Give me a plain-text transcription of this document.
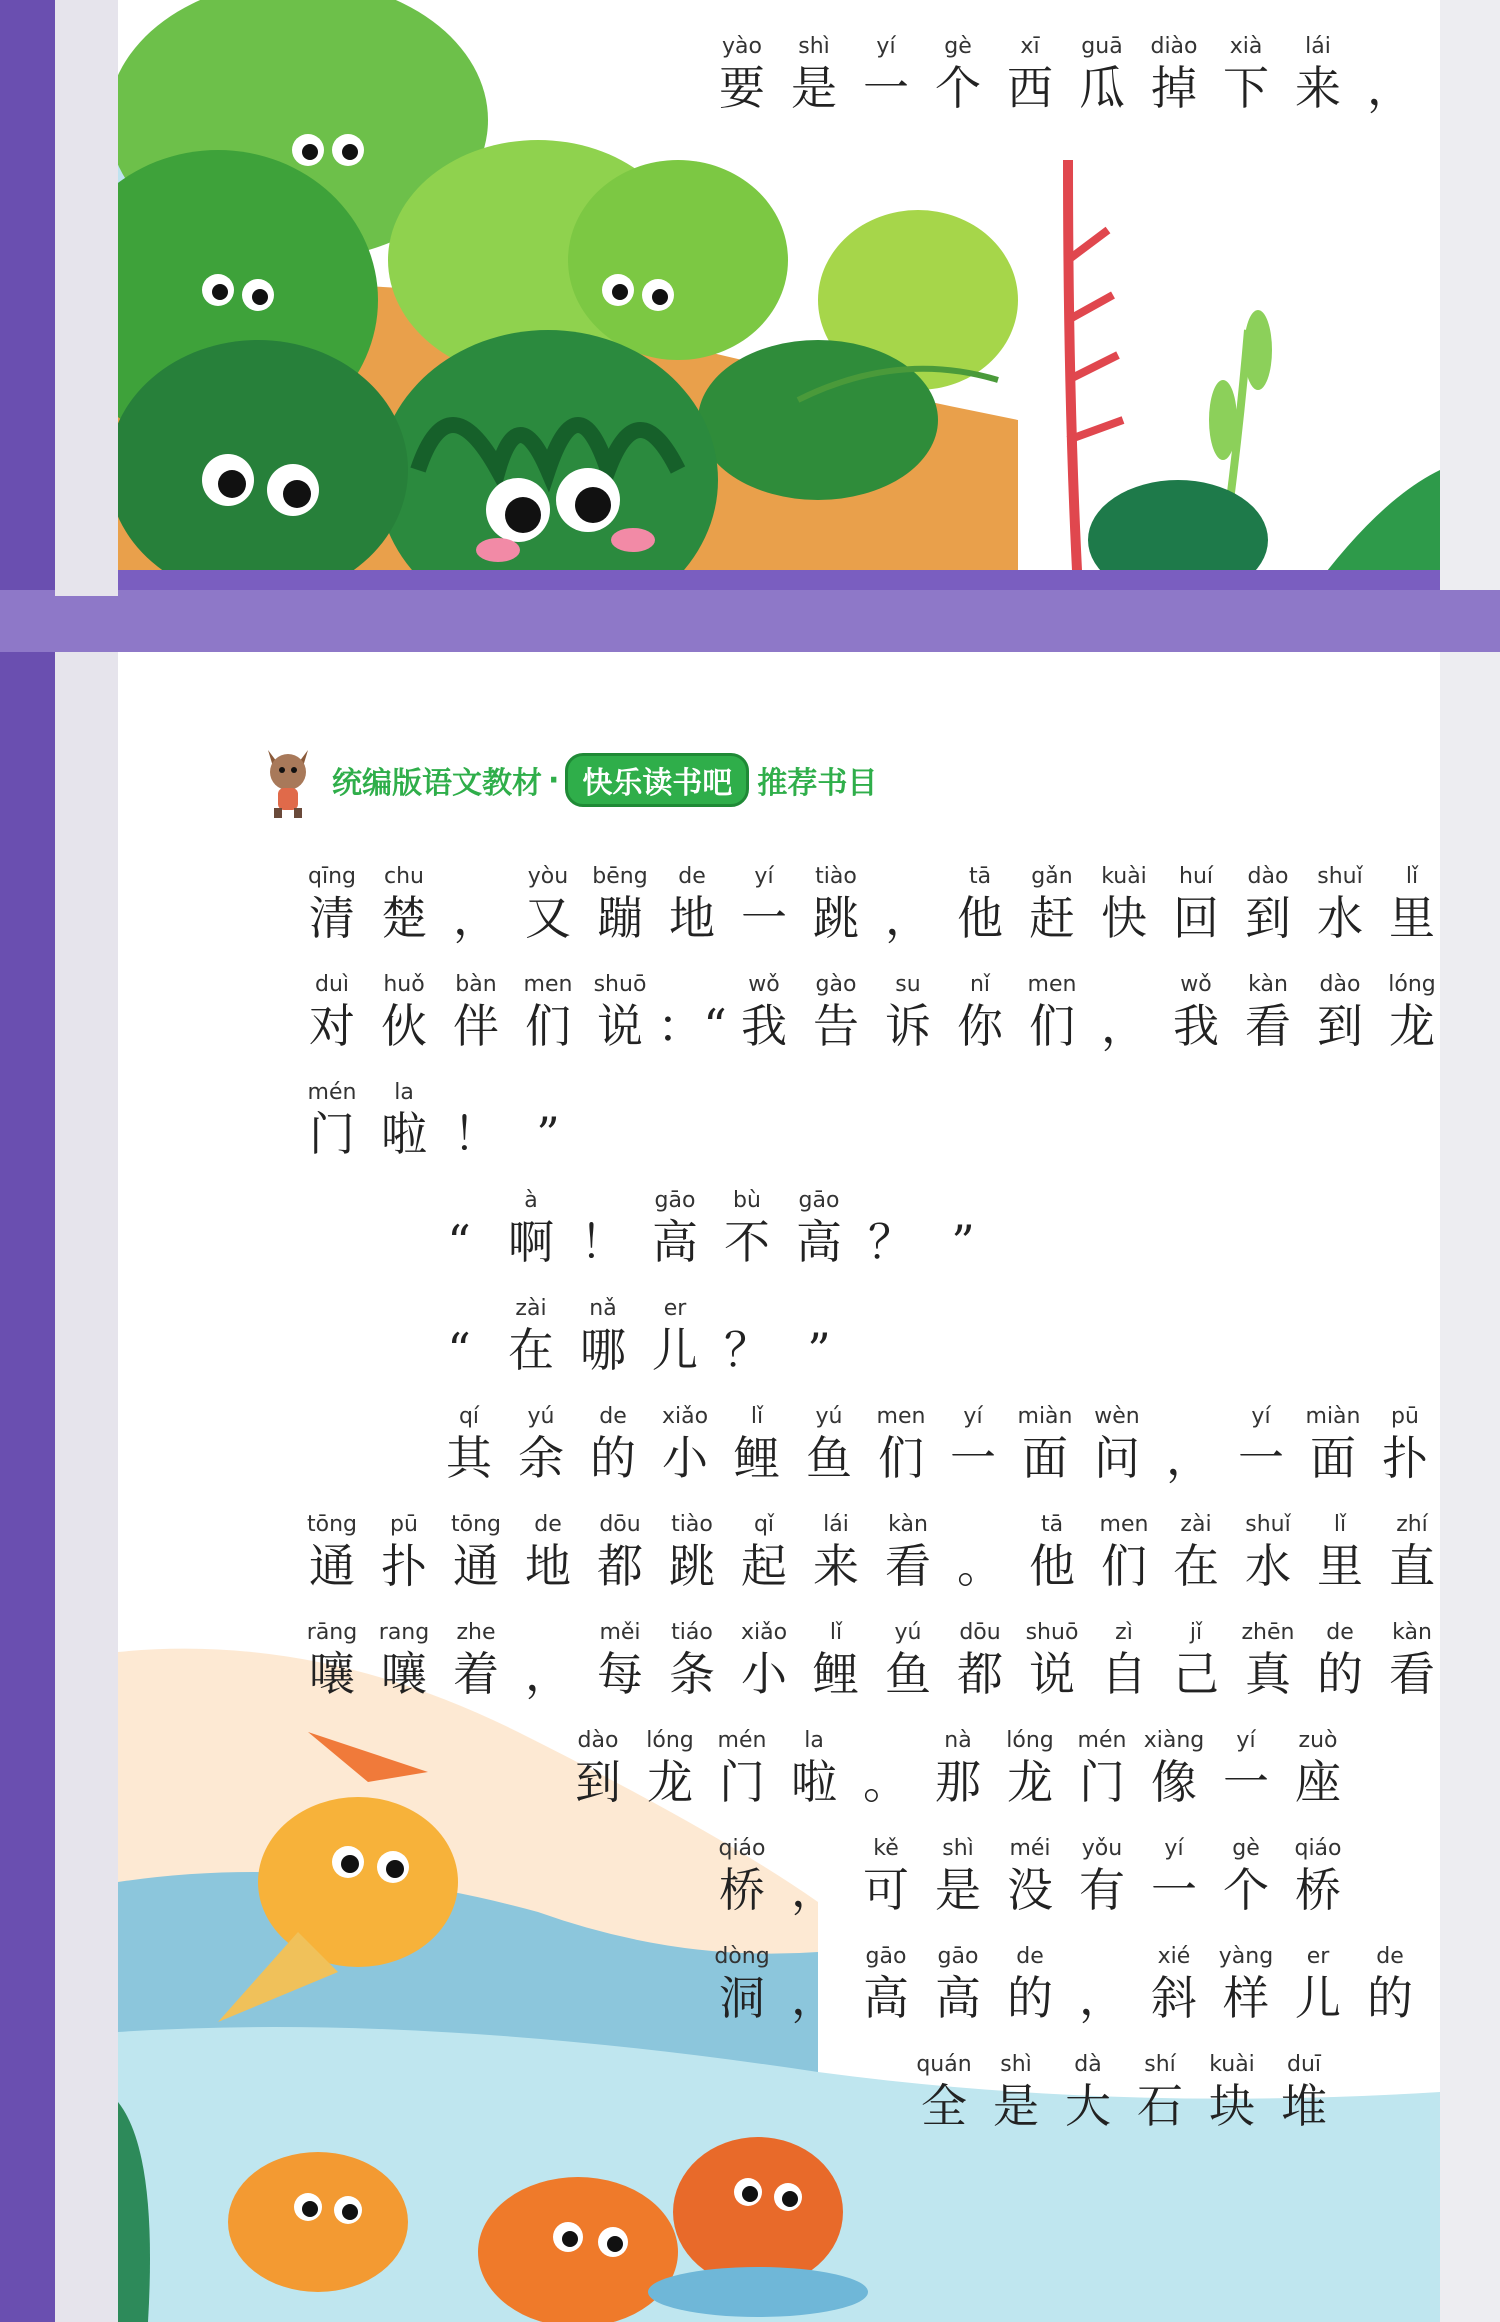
yào	shì	yí	gè	xī	guā	diào	xià	lái
要 是 一 个 西 瓜 掉 下 来 ，
统编版语文教材 · 快乐读书吧 推荐书目
qīng	chu	yòu	bēng	de	yí	tiào	tā	gǎn	kuài	huí	dào	shuǐ	lǐ
清 楚 ， 又 蹦 地 一 跳 ， 他 赶 快 回 到 水 里
duì	huǒ	bàn	men shuō	wǒ	gào	su	nǐ	men	wǒ	kàn	dào	lóng
对 伙 伴 们 说 ：“ 我 告 诉 你 们 ， 我 看 到 龙
mén	la
门 啦 ！ ”
à	gāo	bù	gāo
“ 啊 ！ 高 不 高 ？ ”
zài	nǎ	er
“ 在 哪 儿 ？ ”
qí	yú	de	xiǎo	lǐ	yú	men	yí	miàn wèn	yí	miàn	pū
其 余 的 小 鲤 鱼 们 一 面 问 ， 一 面 扑
tōng	pū	tōng	de	dōu	tiào	qǐ	lái	kàn	tā	men	zài	shuǐ	lǐ	zhí
通 扑 通 地 都 跳 起 来 看 。 他 们 在 水 里 直
rāng rang	zhe	měi	tiáo	xiǎo	lǐ	yú	dōu	shuō	zì	jǐ	zhēn	de	kàn
嚷 嚷 着 ， 每 条 小 鲤 鱼 都 说 自 己 真 的 看
dào	lóng	mén	la	nà	lóng	mén xiàng	yí	zuò
到 龙 门 啦 。 那 龙 门 像 一 座
qiáo	kě	shì	méi	yǒu	yí	gè	qiáo
桥 ， 可 是 没 有 一 个 桥
dòng	gāo	gāo	de	xié	yàng	er	de
洞 ， 高 高 的 ， 斜 样 儿 的
quán	shì	dà	shí	kuài	duī
全 是 大 石 块 堆
